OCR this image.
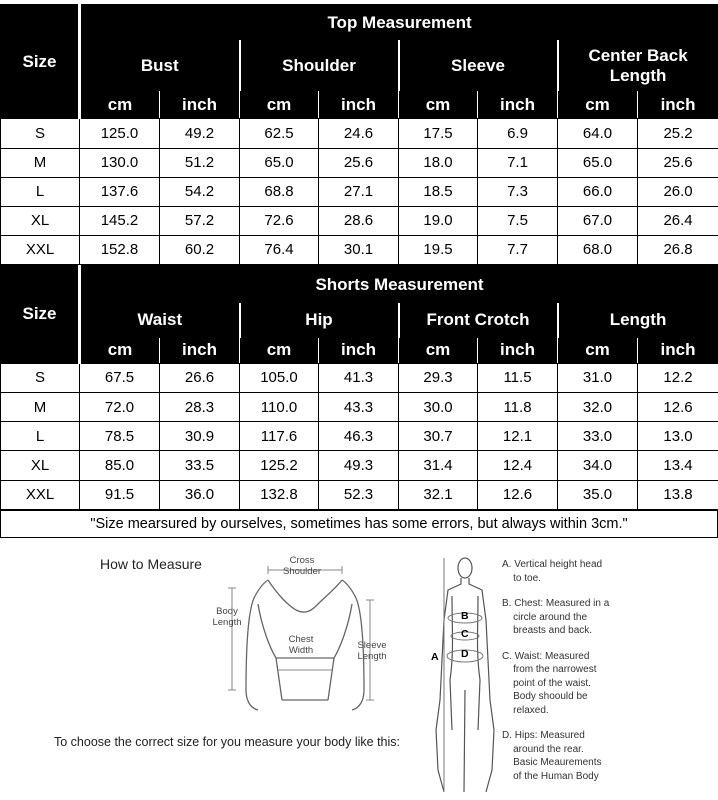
Size	Top Measurement							
	Bust		Shoulder		Sleeve		Center Back Length	
	cm	inch	cm	inch	cm	inch	cm	inch
S	125.0	49.2	62.5	24.6	17.5	6.9	64.0	25.2
M	130.0	51.2	65.0	25.6	18.0	7.1	65.0	25.6
L	137.6	54.2	68.8	27.1	18.5	7.3	66.0	26.0
XL	145.2	57.2	72.6	28.6	19.0	7.5	67.0	26.4
XXL	152.8	60.2	76.4	30.1	19.5	7.7	68.0	26.8
Size	Shorts Measurement							
	Waist		Hip		Front Crotch		Length	
	cm	inch	cm	inch	cm	inch	cm	inch
S	67.5	26.6	105.0	41.3	29.3	11.5	31.0	12.2
M	72.0	28.3	110.0	43.3	30.0	11.8	32.0	12.6
L	78.5	30.9	117.6	46.3	30.7	12.1	33.0	13.0
XL	85.0	33.5	125.2	49.3	31.4	12.4	34.0	13.4
XXL	91.5	36.0	132.8	52.3	32.1	12.6	35.0	13.8
"Size mearsured by ourselves, sometimes has some errors, but always within 3cm."
How to Measure	Cross
Shoulder
Body
Length
Chest
Width	Sleeve
Length
To choose the correct size for you measure your body like this:
A
B
C
D
A. Vertical height head
to toe.
B. Chest: Measured in a
circle around the
breasts and back.
C. Waist: Measured
from the narrowest
point of the waist.
Body shoould be
relaxed.
D. Hips: Measured
around the rear.
Basic Meaurements
of the Human Body
